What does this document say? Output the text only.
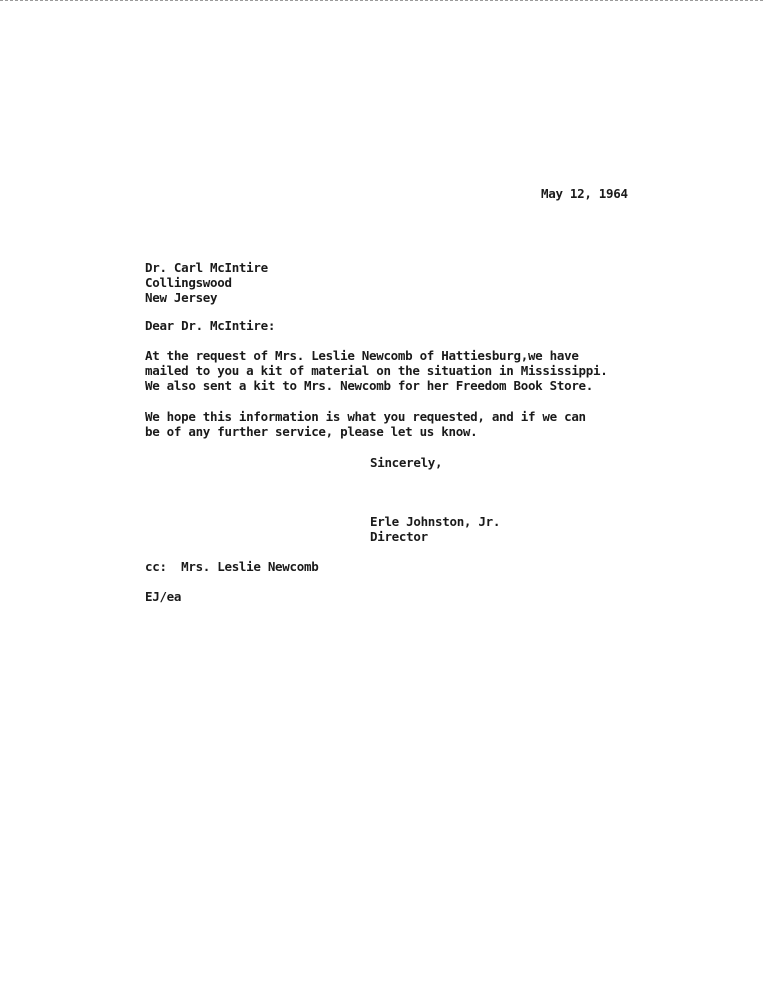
May 12, 1964
Dr. Carl McIntire
Collingswood
New Jersey
Dear Dr. McIntire:
At the request of Mrs. Leslie Newcomb of Hattiesburg,we have
mailed to you a kit of material on the situation in Mississippi.
We also sent a kit to Mrs. Newcomb for her Freedom Book Store.
We hope this information is what you requested, and if we can
be of any further service, please let us know.
Sincerely,
Erle Johnston, Jr.
Director
cc:  Mrs. Leslie Newcomb
EJ/ea
